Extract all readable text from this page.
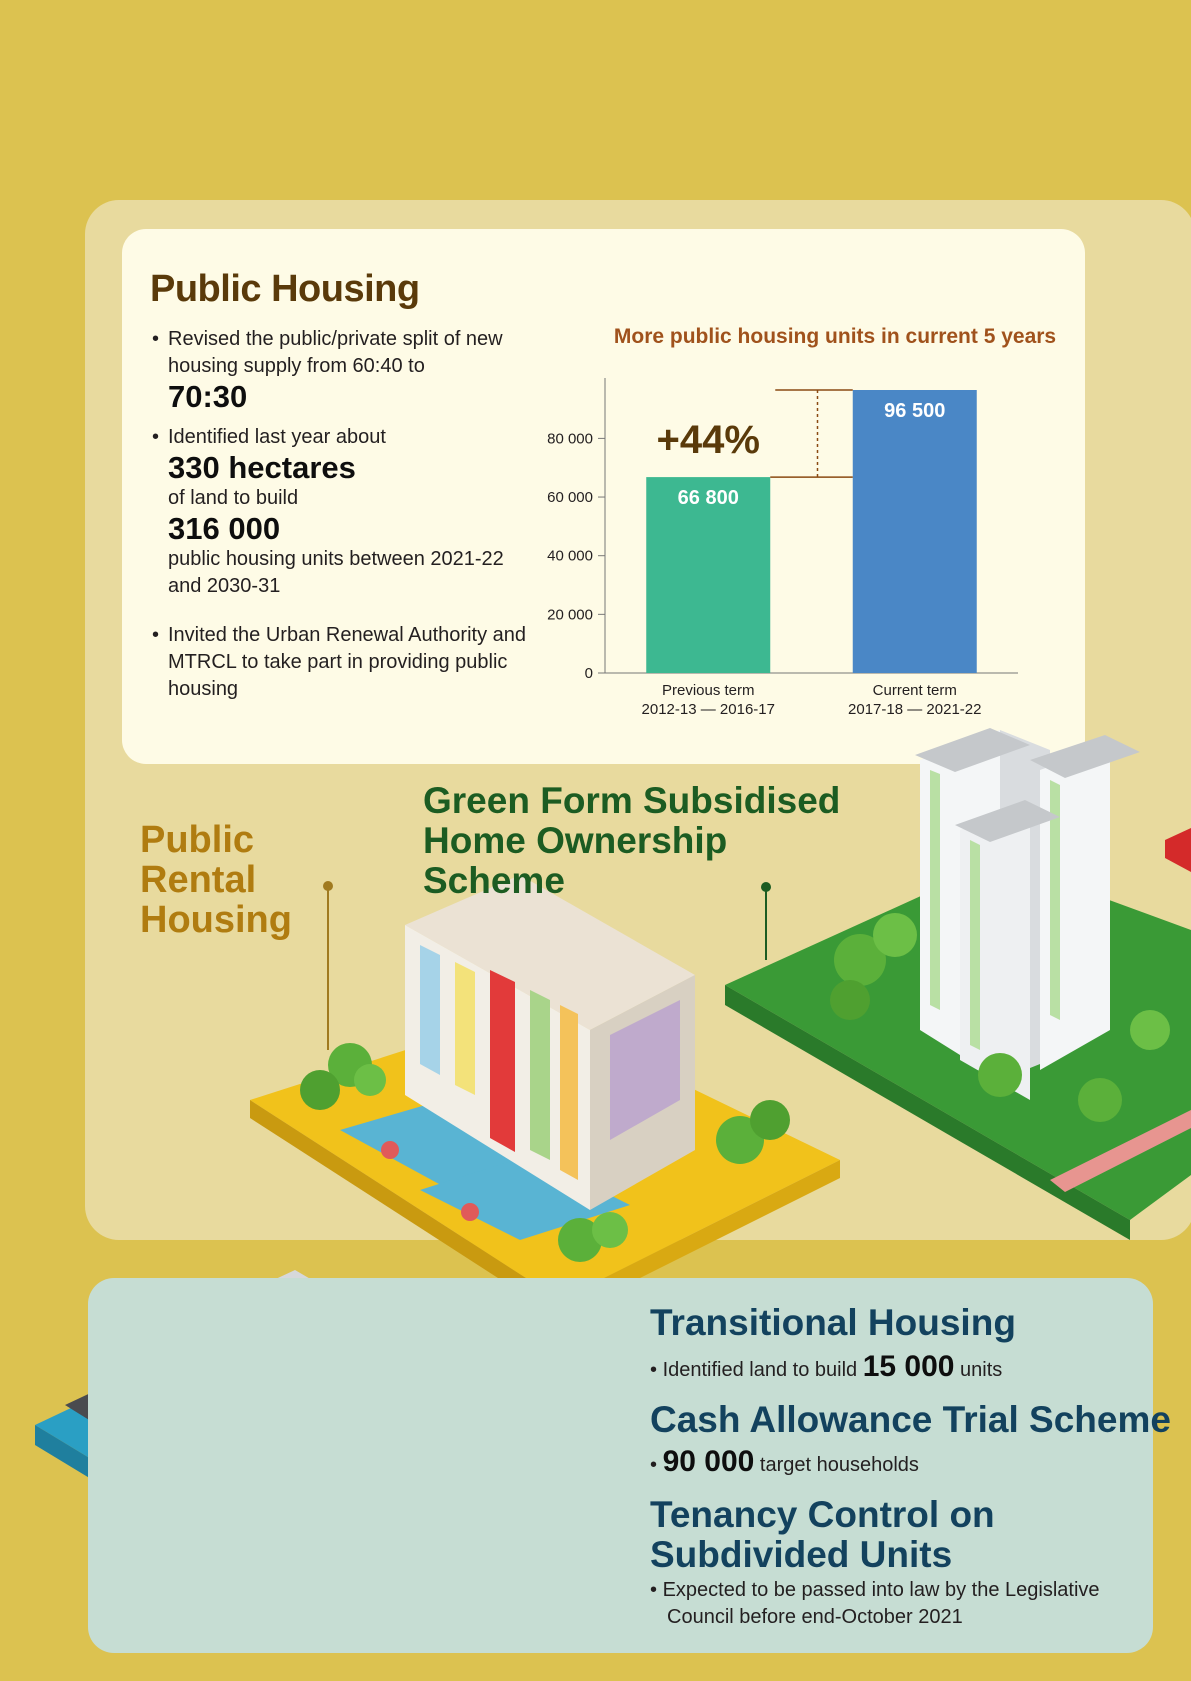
Public Housing
• Revised the public/private split of new housing supply from 60:40 to
70:30
• Identified last year about
330 hectares
of land to build
316 000
public housing units between 2021-22 and 2030-31
• Invited the Urban Renewal Authority and MTRCL to take part in providing public housing
More public housing units in current 5 years
0
20 000
40 000
60 000
80 000
66 800
Previous term
2012-13 — 2016-17
96 500
Current term
2017-18 — 2021-22
+44%
Public Rental Housing
Green Form Subsidised Home Ownership Scheme
Transitional Housing

• Identified land to build 15 000 units

Cash Allowance Trial Scheme

• 90 000 target households

Tenancy Control on Subdivided Units

• Expected to be passed into law by the Legislative Council before end-October 2021
